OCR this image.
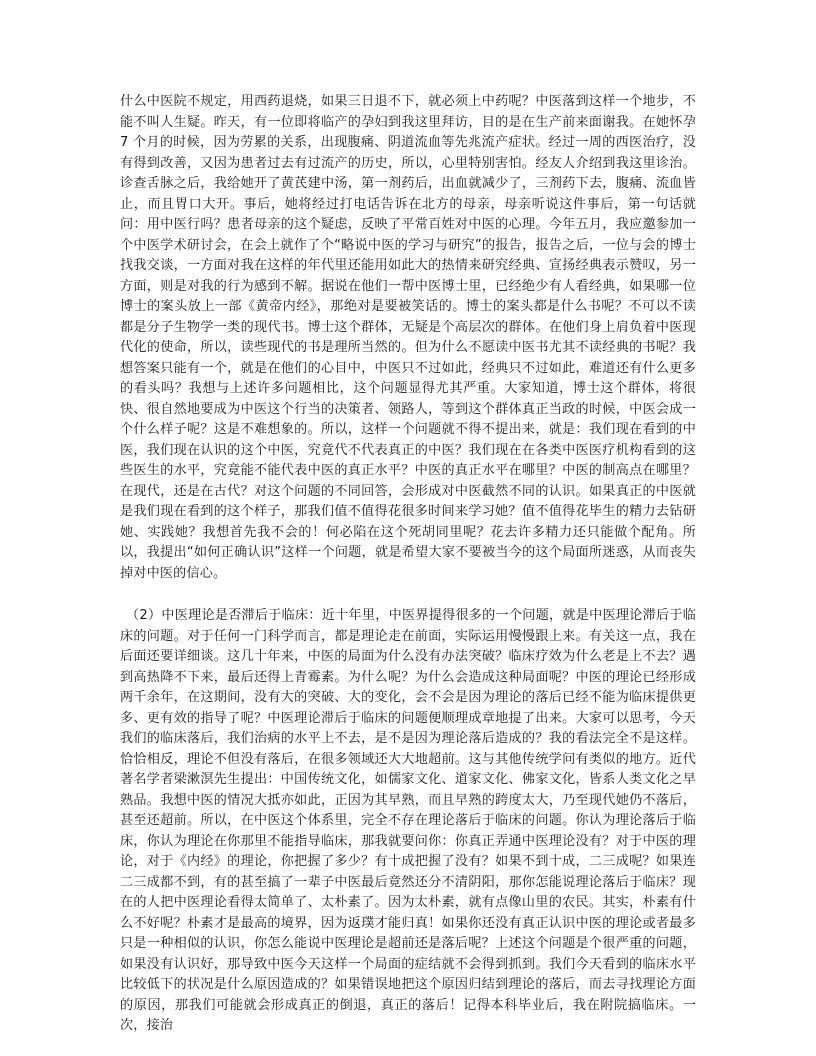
什么中医院不规定，用西药退烧，如果三日退不下，就必须上中药呢？中医落到这样一个地步，不能不叫人生疑。昨天，有一位即将临产的孕妇到我这里拜访，目的是在生产前来面谢我。在她怀孕 7 个月的时候，因为劳累的关系，出现腹痛、阴道流血等先兆流产症状。经过一周的西医治疗，没有得到改善，又因为患者过去有过流产的历史，所以，心里特别害怕。经友人介绍到我这里诊治。诊查舌脉之后，我给她开了黄芪建中汤，第一剂药后，出血就减少了，三剂药下去，腹痛、流血皆止，而且胃口大开。事后，她将经过打电话告诉在北方的母亲，母亲听说这件事后，第一句话就问：用中医行吗？患者母亲的这个疑虑，反映了平常百姓对中医的心理。今年五月，我应邀参加一个中医学术研讨会，在会上就作了个“略说中医的学习与研究”的报告，报告之后，一位与会的博士找我交谈，一方面对我在这样的年代里还能用如此大的热情来研究经典、宣扬经典表示赞叹，另一方面，则是对我的行为感到不解。据说在他们一帮中医博士里，已经绝少有人看经典，如果哪一位博士的案头放上一部《黄帝内经》，那绝对是要被笑话的。博士的案头都是什么书呢？不可以不读都是分子生物学一类的现代书。博士这个群体，无疑是个高层次的群体。在他们身上肩负着中医现代化的使命，所以，读些现代的书是理所当然的。但为什么不愿读中医书尤其不读经典的书呢？我想答案只能有一个，就是在他们的心目中，中医只不过如此，经典只不过如此，难道还有什么更多的看头吗？我想与上述许多问题相比，这个问题显得尤其严重。大家知道，博士这个群体，将很快、很自然地要成为中医这个行当的决策者、领路人，等到这个群体真正当政的时候，中医会成一个什么样子呢？这是不难想象的。所以，这样一个问题就不得不提出来，就是：我们现在看到的中医，我们现在认识的这个中医，究竟代不代表真正的中医？我们现在在各类中医医疗机构看到的这些医生的水平，究竟能不能代表中医的真正水平？中医的真正水平在哪里？中医的制高点在哪里？在现代，还是在古代？对这个问题的不同回答，会形成对中医截然不同的认识。如果真正的中医就是我们现在看到的这个样子，那我们值不值得花很多时间来学习她？值不值得花毕生的精力去钻研她、实践她？我想首先我不会的！何必陷在这个死胡同里呢？花去许多精力还只能做个配角。所以，我提出“如何正确认识”这样一个问题，就是希望大家不要被当今的这个局面所迷惑，从而丧失掉对中医的信心。

（2）中医理论是否滞后于临床：近十年里，中医界提得很多的一个问题，就是中医理论滞后于临床的问题。对于任何一门科学而言，都是理论走在前面，实际运用慢慢跟上来。有关这一点，我在后面还要详细谈。这几十年来，中医的局面为什么没有办法突破？临床疗效为什么老是上不去？遇到高热降不下来，最后还得上青霉素。为什么呢？为什么会造成这种局面呢？中医的理论已经形成两千余年，在这期间，没有大的突破、大的变化，会不会是因为理论的落后已经不能为临床提供更多、更有效的指导了呢？中医理论滞后于临床的问题便顺理成章地提了出来。大家可以思考，今天我们的临床落后，我们治病的水平上不去，是不是因为理论落后造成的？我的看法完全不是这样。恰恰相反，理论不但没有落后，在很多领域还大大地超前。这与其他传统学问有类似的地方。近代著名学者梁漱溟先生提出：中国传统文化，如儒家文化、道家文化、佛家文化，皆系人类文化之早熟品。我想中医的情况大抵亦如此，正因为其早熟，而且早熟的跨度太大，乃至现代她仍不落后，甚至还超前。所以，在中医这个体系里，完全不存在理论落后于临床的问题。你认为理论落后于临床，你认为理论在你那里不能指导临床，那我就要问你：你真正弄通中医理论没有？对于中医的理论，对于《内经》的理论，你把握了多少？有十成把握了没有？如果不到十成，二三成呢？如果连二三成都不到，有的甚至搞了一辈子中医最后竟然还分不清阴阳，那你怎能说理论落后于临床？现在的人把中医理论看得太简单了、太朴素了。因为太朴素，就有点像山里的农民。其实，朴素有什么不好呢？朴素才是最高的境界，因为返璞才能归真！如果你还没有真正认识中医的理论或者最多只是一种相似的认识，你怎么能说中医理论是超前还是落后呢？上述这个问题是个很严重的问题，如果没有认识好，那导致中医今天这样一个局面的症结就不会得到抓到。我们今天看到的临床水平比较低下的状况是什么原因造成的？如果错误地把这个原因归结到理论的落后，而去寻找理论方面的原因，那我们可能就会形成真正的倒退，真正的落后！记得本科毕业后，我在附院搞临床。一次，接治
